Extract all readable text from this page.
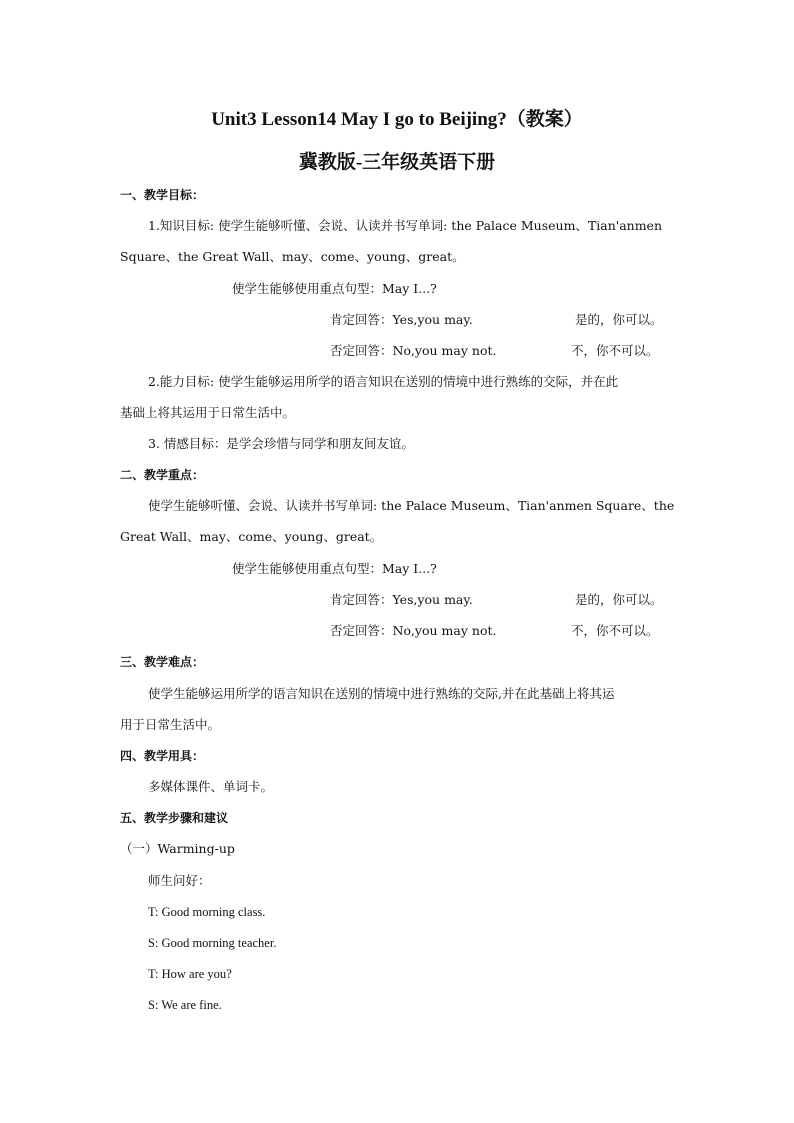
Unit3 Lesson14 May I go to Beijing?（教案）
冀教版-三年级英语下册
一、教学目标：
1.知识目标: 使学生能够听懂、会说、认读并书写单词: the Palace Museum、Tian'anmen
Square、the Great Wall、may、come、young、great。
使学生能够使用重点句型：May I...?
肯定回答：Yes,you may.	是的，你可以。
否定回答：No,you may not.	不，你不可以。
2.能力目标: 使学生能够运用所学的语言知识在送别的情境中进行熟练的交际，并在此
基础上将其运用于日常生活中。
3. 情感目标：是学会珍惜与同学和朋友间友谊。
二、教学重点：
使学生能够听懂、会说、认读并书写单词: the Palace Museum、Tian'anmen Square、the
Great Wall、may、come、young、great。
使学生能够使用重点句型：May I...?
肯定回答：Yes,you may.	是的，你可以。
否定回答：No,you may not.	不，你不可以。
三、教学难点：
使学生能够运用所学的语言知识在送别的情境中进行熟练的交际,并在此基础上将其运
用于日常生活中。
四、教学用具：
多媒体课件、单词卡。
五、教学步骤和建议
（一）Warming-up
师生问好：
T: Good morning class.
S: Good morning teacher.
T: How are you?
S: We are fine.
